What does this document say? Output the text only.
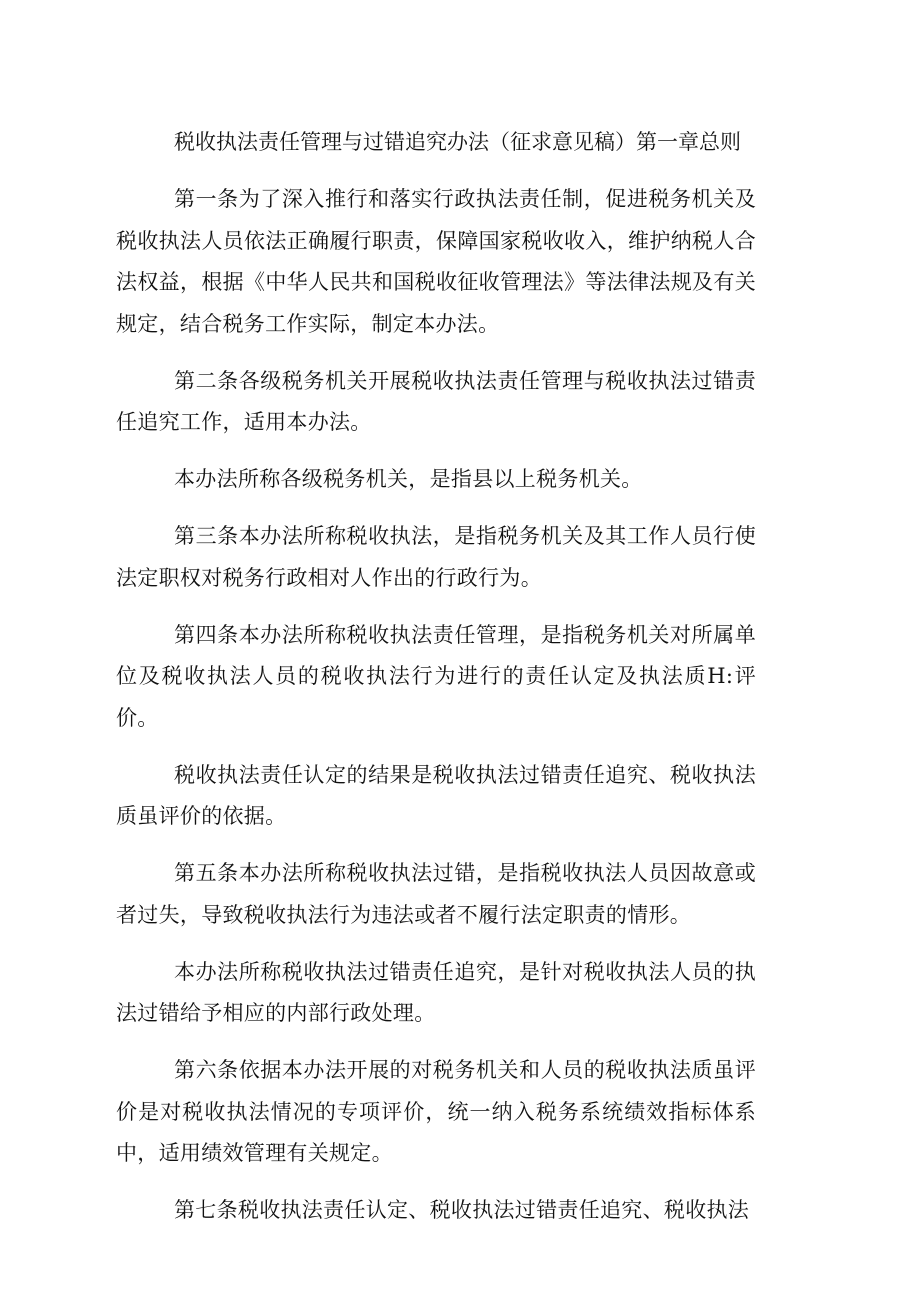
税收执法责任管理与过错追究办法（征求意见稿）第一章总则

第一条为了深入推行和落实行政执法责任制，促进税务机关及税收执法人员依法正确履行职责，保障国家税收收入，维护纳税人合法权益，根据《中华人民共和国税收征收管理法》等法律法规及有关规定，结合税务工作实际，制定本办法。

第二条各级税务机关开展税收执法责任管理与税收执法过错责任追究工作，适用本办法。

本办法所称各级税务机关，是指县以上税务机关。

第三条本办法所称税收执法，是指税务机关及其工作人员行使法定职权对税务行政相对人作出的行政行为。

第四条本办法所称税收执法责任管理，是指税务机关对所属单位及税收执法人员的税收执法行为进行的责任认定及执法质H:评价。

税收执法责任认定的结果是税收执法过错责任追究、税收执法质虽评价的依据。

第五条本办法所称税收执法过错，是指税收执法人员因故意或者过失，导致税收执法行为违法或者不履行法定职责的情形。

本办法所称税收执法过错责任追究，是针对税收执法人员的执法过错给予相应的内部行政处理。

第六条依据本办法开展的对税务机关和人员的税收执法质虽评价是对税收执法情况的专项评价，统一纳入税务系统绩效指标体系中，适用绩效管理有关规定。

第七条税收执法责任认定、税收执法过错责任追究、税收执法
